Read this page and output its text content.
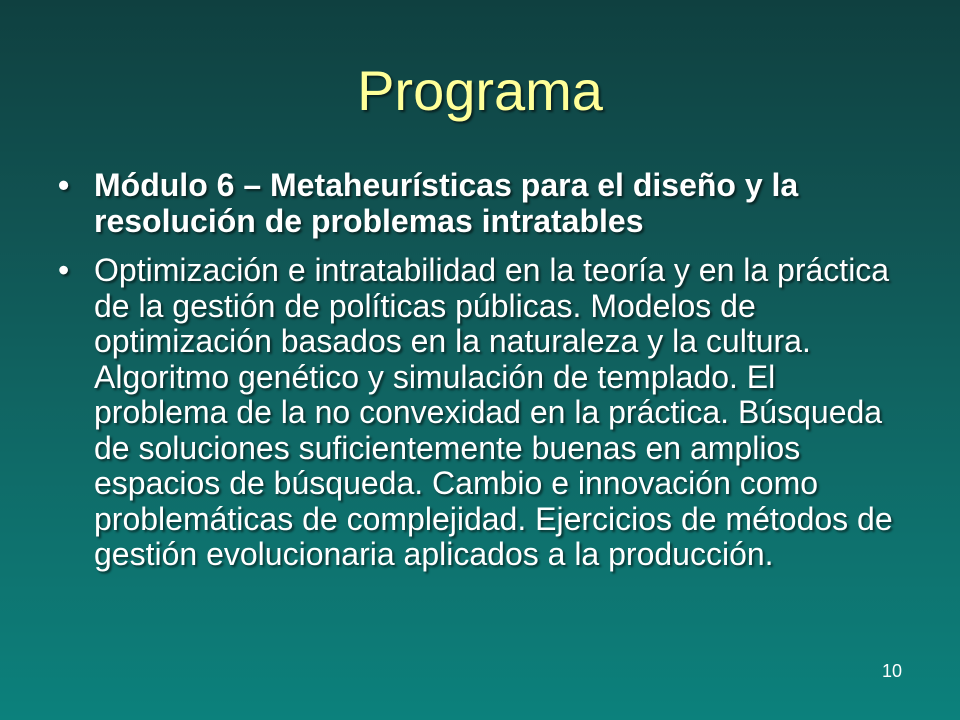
Programa
• Módulo 6 – Metaheurísticas para el diseño y la resolución de problemas intratables
• Optimización e intratabilidad en la teoría y en la práctica de la gestión de políticas públicas. Modelos de optimización basados en la naturaleza y la cultura. Algoritmo genético y simulación de templado. El problema de la no convexidad en la práctica. Búsqueda de soluciones suficientemente buenas en amplios espacios de búsqueda. Cambio e innovación como problemáticas de complejidad. Ejercicios de métodos de gestión evolucionaria aplicados a la producción.
10
